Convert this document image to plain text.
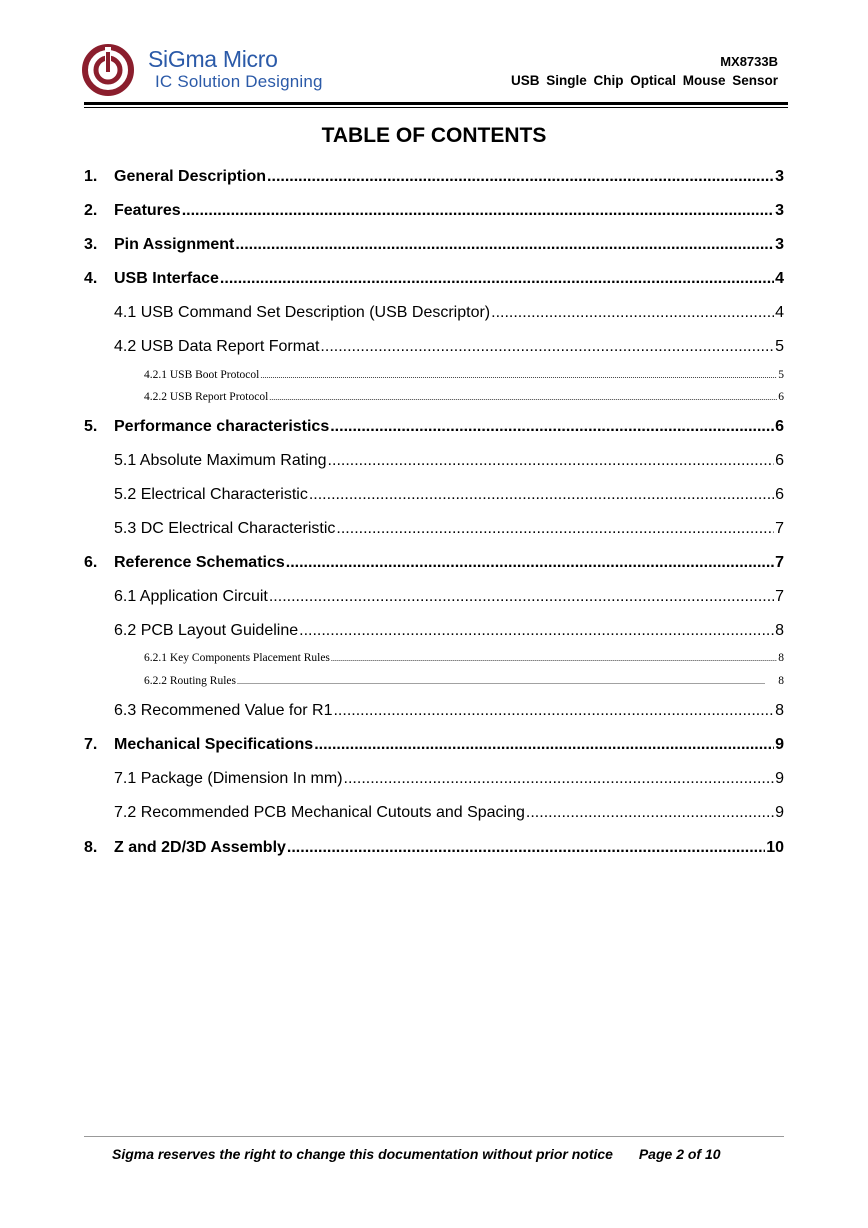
SiGma Micro
IC Solution Designing
MX8733B
USB Single Chip Optical Mouse Sensor
TABLE OF CONTENTS
1.	General Description .....	3
2.	Features .....	3
3.	Pin Assignment .....	3
4.	USB Interface .....	4
4.1 USB Command Set Description (USB Descriptor) .....	4
4.2 USB Data Report Format .....	5
4.2.1 USB Boot Protocol .....	5
4.2.2 USB Report Protocol .....	6
5.	Performance characteristics .....	6
5.1 Absolute Maximum Rating .....	6
5.2 Electrical Characteristic .....	6
5.3 DC Electrical Characteristic .....	7
6.	Reference Schematics .....	7
6.1 Application Circuit .....	7
6.2 PCB Layout Guideline .....	8
6.2.1 Key Components Placement Rules .....	8
6.2.2 Routing Rules .....	8
6.3 Recommened Value for R1 .....	8
7.	Mechanical Specifications .....	9
7.1 Package (Dimension In mm) .....	9
7.2 Recommended PCB Mechanical Cutouts and Spacing .....	9
8.	Z and 2D/3D Assembly .....	10
Sigma reserves the right to change this documentation without prior notice Page 2 of 10
